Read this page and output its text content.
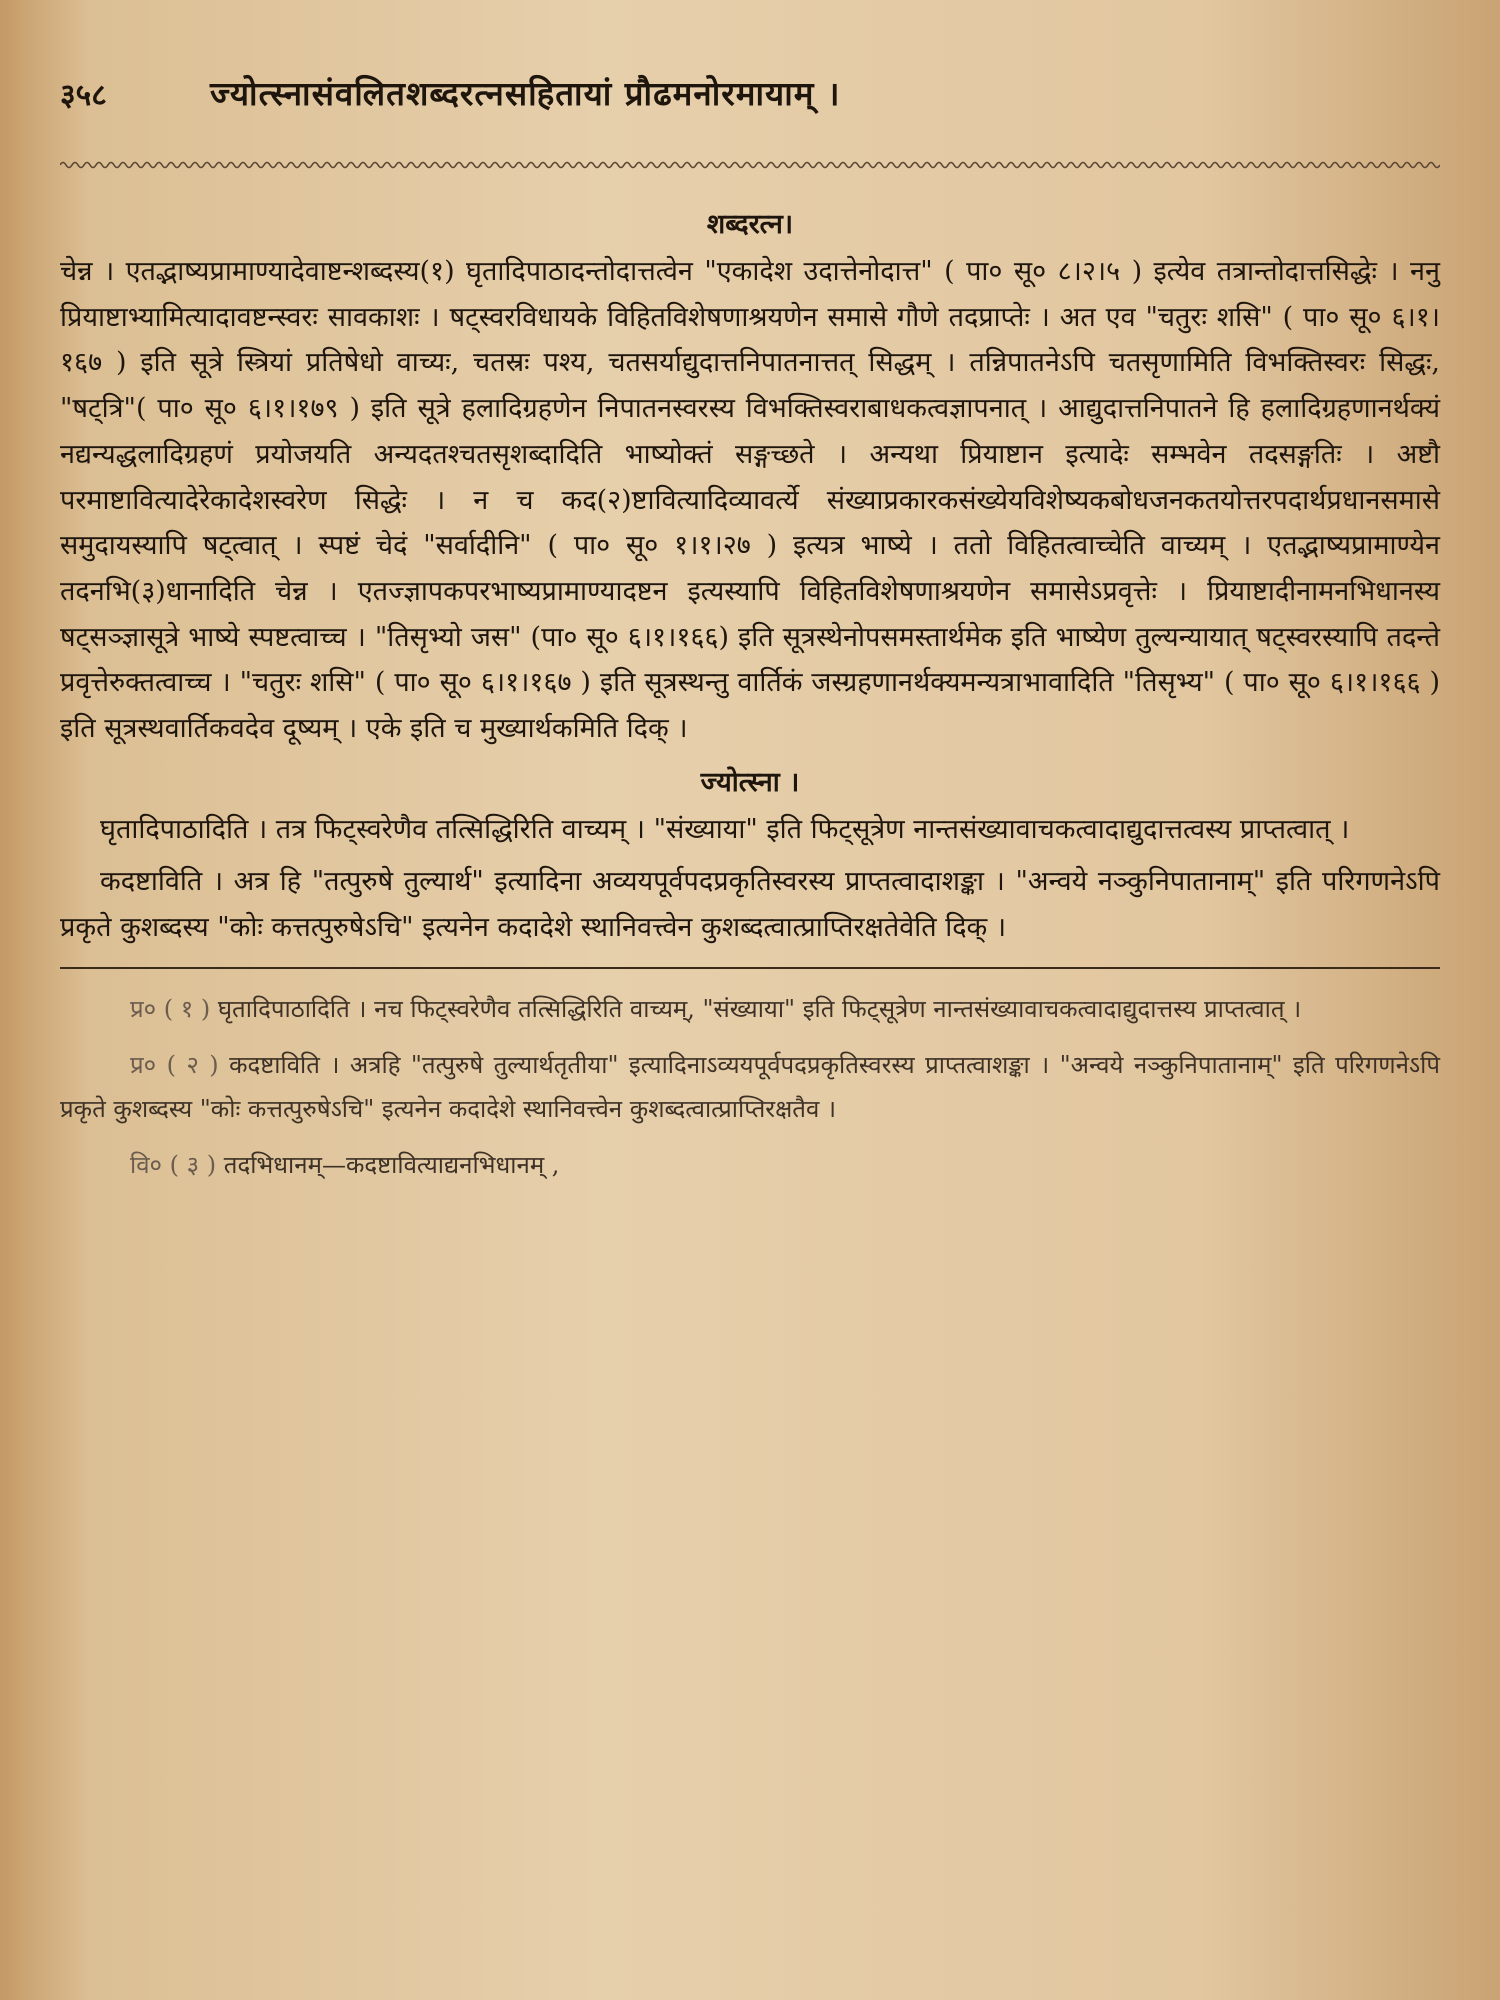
३५८	ज्योत्स्नासंवलितशब्दरत्नसहितायां प्रौढमनोरमायाम् ।
शब्दरत्न।

चेन्न । एतद्भाष्यप्रामाण्यादेवाष्टन्शब्दस्य(१) घृतादिपाठादन्तोदात्तत्वेन "एकादेश उदात्तेनोदात्त" ( पा० सू० ८।२।५ ) इत्येव तत्रान्तोदात्तसिद्धेः । ननु प्रियाष्टाभ्यामित्यादावष्टन्स्वरः सावकाशः । षट्स्वरविधायके विहितविशेषणाश्रयणेन समासे गौणे तदप्राप्तेः । अत एव "चतुरः शसि" ( पा० सू० ६।१।१६७ ) इति सूत्रे स्त्रियां प्रतिषेधो वाच्यः, चतस्रः पश्य, चतसर्याद्युदात्तनिपातनात्तत् सिद्धम् । तन्निपातनेऽपि चतसृणामिति विभक्तिस्वरः सिद्धः, "षट्त्रि"( पा० सू० ६।१।१७९ ) इति सूत्रे हलादिग्रहणेन निपातनस्वरस्य विभक्तिस्वराबाधकत्वज्ञापनात् । आद्युदात्तनिपातने हि हलादिग्रहणानर्थक्यं नद्यन्यद्धलादिग्रहणं प्रयोजयति अन्यदतश्चतसृशब्दादिति भाष्योक्तं सङ्गच्छते । अन्यथा प्रियाष्टान इत्यादेः सम्भवेन तदसङ्गतिः । अष्टौ परमाष्टावित्यादेरेकादेशस्वरेण सिद्धेः । न च कद(२)ष्टावित्यादिव्यावर्त्ये संख्याप्रकारकसंख्येयविशेष्यकबोधजनकतयोत्तरपदार्थप्रधानसमासे समुदायस्यापि षट्त्वात् । स्पष्टं चेदं "सर्वादीनि" ( पा० सू० १।१।२७ ) इत्यत्र भाष्ये । ततो विहितत्वाच्चेति वाच्यम् । एतद्भाष्यप्रामाण्येन तदनभि(३)धानादिति चेन्न । एतज्ज्ञापकपरभाष्यप्रामाण्यादष्टन इत्यस्यापि विहितविशेषणाश्रयणेन समासेऽप्रवृत्तेः । प्रियाष्टादीनामनभिधानस्य षट्सञ्ज्ञासूत्रे भाष्ये स्पष्टत्वाच्च । "तिसृभ्यो जस" (पा० सू० ६।१।१६६) इति सूत्रस्थेनोपसमस्तार्थमेक इति भाष्येण तुल्यन्यायात् षट्स्वरस्यापि तदन्ते प्रवृत्तेरुक्तत्वाच्च । "चतुरः शसि" ( पा० सू० ६।१।१६७ ) इति सूत्रस्थन्तु वार्तिकं जस्ग्रहणानर्थक्यमन्यत्राभावादिति "तिसृभ्य" ( पा० सू० ६।१।१६६ ) इति सूत्रस्थवार्तिकवदेव दूष्यम् । एके इति च मुख्यार्थकमिति दिक् ।

ज्योत्स्ना ।

घृतादिपाठादिति । तत्र फिट्स्वरेणैव तत्सिद्धिरिति वाच्यम् । "संख्याया" इति फिट्सूत्रेण नान्तसंख्यावाचकत्वादाद्युदात्तत्वस्य प्राप्तत्वात् ।

कदष्टाविति । अत्र हि "तत्पुरुषे तुल्यार्थ" इत्यादिना अव्ययपूर्वपदप्रकृतिस्वरस्य प्राप्तत्वादाशङ्का । "अन्वये नञ्कुनिपातानाम्" इति परिगणनेऽपि प्रकृते कुशब्दस्य "कोः कत्तत्पुरुषेऽचि" इत्यनेन कदादेशे स्थानिवत्त्वेन कुशब्दत्वात्प्राप्तिरक्षतेवेति दिक् ।

प्र० ( १ ) घृतादिपाठादिति । नच फिट्स्वरेणैव तत्सिद्धिरिति वाच्यम्, "संख्याया" इति फिट्सूत्रेण नान्तसंख्यावाचकत्वादाद्युदात्तस्य प्राप्तत्वात् ।

प्र० ( २ ) कदष्टाविति । अत्रहि "तत्पुरुषे तुल्यार्थतृतीया" इत्यादिनाऽव्ययपूर्वपदप्रकृतिस्वरस्य प्राप्तत्वाशङ्का । "अन्वये नञ्कुनिपातानाम्" इति परिगणनेऽपि प्रकृते कुशब्दस्य "कोः कत्तत्पुरुषेऽचि" इत्यनेन कदादेशे स्थानिवत्त्वेन कुशब्दत्वात्प्राप्तिरक्षतैव ।

वि० ( ३ ) तदभिधानम्—कदष्टावित्याद्यनभिधानम् ,
